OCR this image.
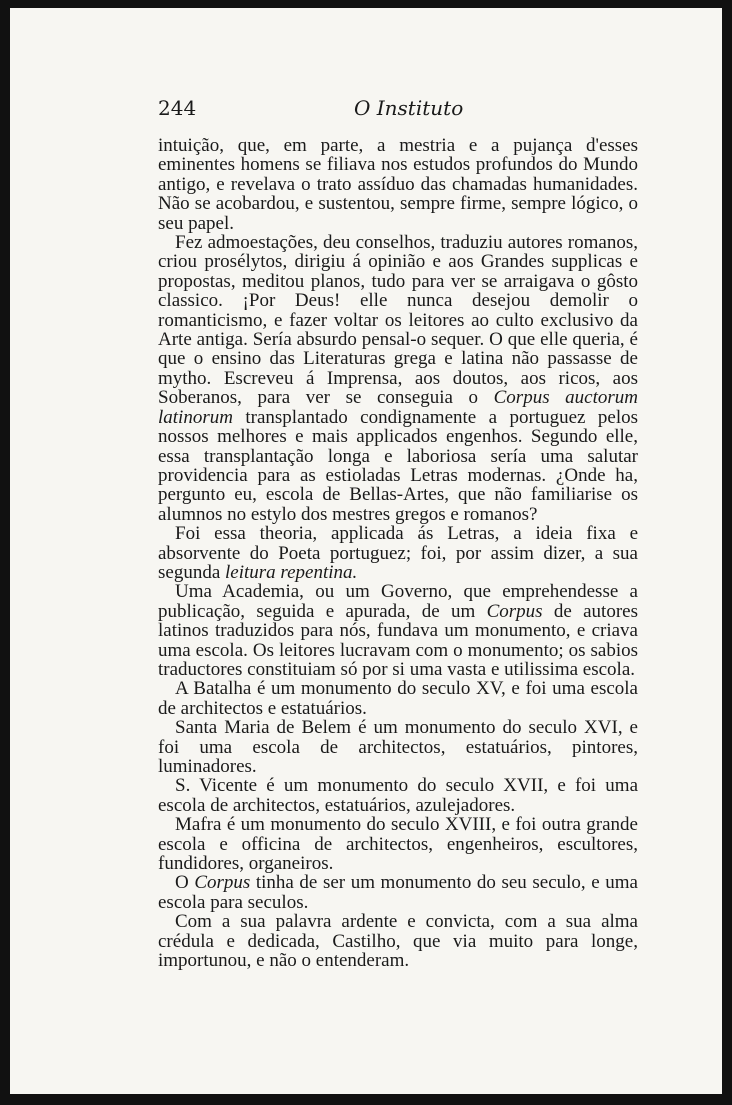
244	O Instituto

intuição, que, em parte, a mestria e a pujança d'esses eminentes homens se filiava nos estudos profundos do Mundo antigo, e revelava o trato assíduo das chamadas humanidades. Não se acobardou, e sustentou, sempre firme, sempre lógico, o seu papel.

Fez admoestações, deu conselhos, traduziu autores romanos, criou prosélytos, dirigiu á opinião e aos Grandes supplicas e propostas, meditou planos, tudo para ver se arraigava o gôsto classico. ¡Por Deus! elle nunca desejou demolir o romanticismo, e fazer voltar os leitores ao culto exclusivo da Arte antiga. Sería absurdo pensal-o sequer. O que elle queria, é que o ensino das Literaturas grega e latina não passasse de mytho. Escreveu á Imprensa, aos doutos, aos ricos, aos Soberanos, para ver se conseguia o Corpus auctorum latinorum transplantado condignamente a portuguez pelos nossos melhores e mais applicados engenhos. Segundo elle, essa transplantação longa e laboriosa sería uma salutar providencia para as estioladas Letras modernas. ¿Onde ha, pergunto eu, escola de Bellas-Artes, que não familiarise os alumnos no estylo dos mestres gregos e romanos?

Foi essa theoria, applicada ás Letras, a ideia fixa e absorvente do Poeta portuguez; foi, por assim dizer, a sua segunda leitura repentina.

Uma Academia, ou um Governo, que emprehendesse a publicação, seguida e apurada, de um Corpus de autores latinos traduzidos para nós, fundava um monumento, e criava uma escola. Os leitores lucravam com o monumento; os sabios traductores constituiam só por si uma vasta e utilissima escola.

A Batalha é um monumento do seculo XV, e foi uma escola de architectos e estatuários.

Santa Maria de Belem é um monumento do seculo XVI, e foi uma escola de architectos, estatuários, pintores, luminadores.

S. Vicente é um monumento do seculo XVII, e foi uma escola de architectos, estatuários, azulejadores.

Mafra é um monumento do seculo XVIII, e foi outra grande escola e officina de architectos, engenheiros, escultores, fundidores, organeiros.

O Corpus tinha de ser um monumento do seu seculo, e uma escola para seculos.

Com a sua palavra ardente e convicta, com a sua alma crédula e dedicada, Castilho, que via muito para longe, importunou, e não o entenderam.
